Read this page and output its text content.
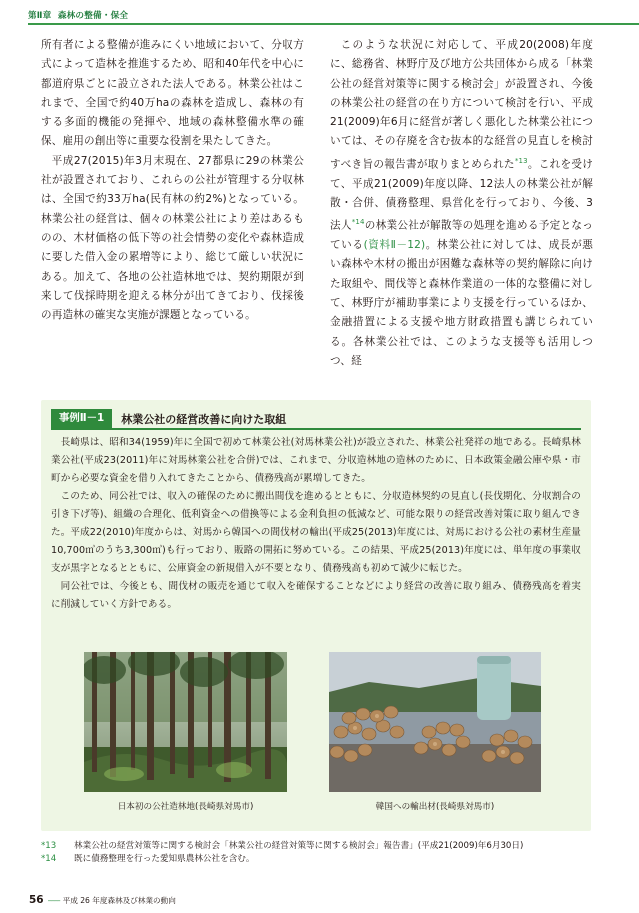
第Ⅱ章 森林の整備・保全

所有者による整備が進みにくい地域において、分収方式によって造林を推進するため、昭和40年代を中心に都道府県ごとに設立された法人である。林業公社はこれまで、全国で約40万haの森林を造成し、森林の有する多面的機能の発揮や、地域の森林整備水準の確保、雇用の創出等に重要な役割を果たしてきた。

平成27(2015)年3月末現在、27都県に29の林業公社が設置されており、これらの公社が管理する分収林は、全国で約33万ha(民有林の約2%)となっている。林業公社の経営は、個々の林業公社により差はあるものの、木材価格の低下等の社会情勢の変化や森林造成に要した借入金の累増等により、総じて厳しい状況にある。加えて、各地の公社造林地では、契約期限が到来して伐採時期を迎える林分が出てきており、伐採後の再造林の確実な実施が課題となっている。

このような状況に対応して、平成20(2008)年度に、総務省、林野庁及び地方公共団体から成る「林業公社の経営対策等に関する検討会」が設置され、今後の林業公社の経営の在り方について検討を行い、平成21(2009)年6月に経営が著しく悪化した林業公社については、その存廃を含む抜本的な経営の見直しを検討すべき旨の報告書が取りまとめられた$^{*13}$。これを受けて、平成21(2009)年度以降、12法人の林業公社が解散・合併、債務整理、県営化を行っており、今後、3法人$^{*14}$の林業公社が解散等の処理を進める予定となっている(資料Ⅱ－12)。林業公社に対しては、成長が悪い森林や木材の搬出が困難な森林等の契約解除に向けた取組や、間伐等と森林作業道の一体的な整備に対して、林野庁が補助事業により支援を行っているほか、金融措置による支援や地方財政措置も講じられている。各林業公社では、このような支援等も活用しつつ、経

事例Ⅱ－1	林業公社の経営改善に向けた取組

長崎県は、昭和34(1959)年に全国で初めて林業公社(対馬林業公社)が設立された、林業公社発祥の地である。長崎県林業公社(平成23(2011)年に対馬林業公社を合併)では、これまで、分収造林地の造林のために、日本政策金融公庫や県・市町から必要な資金を借り入れてきたことから、債務残高が累増してきた。

このため、同公社では、収入の確保のために搬出間伐を進めるとともに、分収造林契約の見直し(長伐期化、分収割合の引き下げ等)、組織の合理化、低利資金への借換等による金利負担の低減など、可能な限りの経営改善対策に取り組んできた。平成22(2010)年度からは、対馬から韓国への間伐材の輸出(平成25(2013)年度には、対馬における公社の素材生産量10,700㎥のうち3,300㎥)も行っており、販路の開拓に努めている。この結果、平成25(2013)年度には、単年度の事業収支が黒字となるとともに、公庫資金の新規借入が不要となり、債務残高も初めて減少に転じた。

同公社では、今後とも、間伐材の販売を通じて収入を確保することなどにより経営の改善に取り組み、債務残高を着実に削減していく方針である。

日本初の公社造林地(長崎県対馬市)	韓国への輸出材(長崎県対馬市)
*13	林業公社の経営対策等に関する検討会「林業公社の経営対策等に関する検討会」報告書」(平成21(2009)年6月30日)
*14	既に債務整理を行った愛知県農林公社を含む。
56 –––– 平成 26 年度森林及び林業の動向
